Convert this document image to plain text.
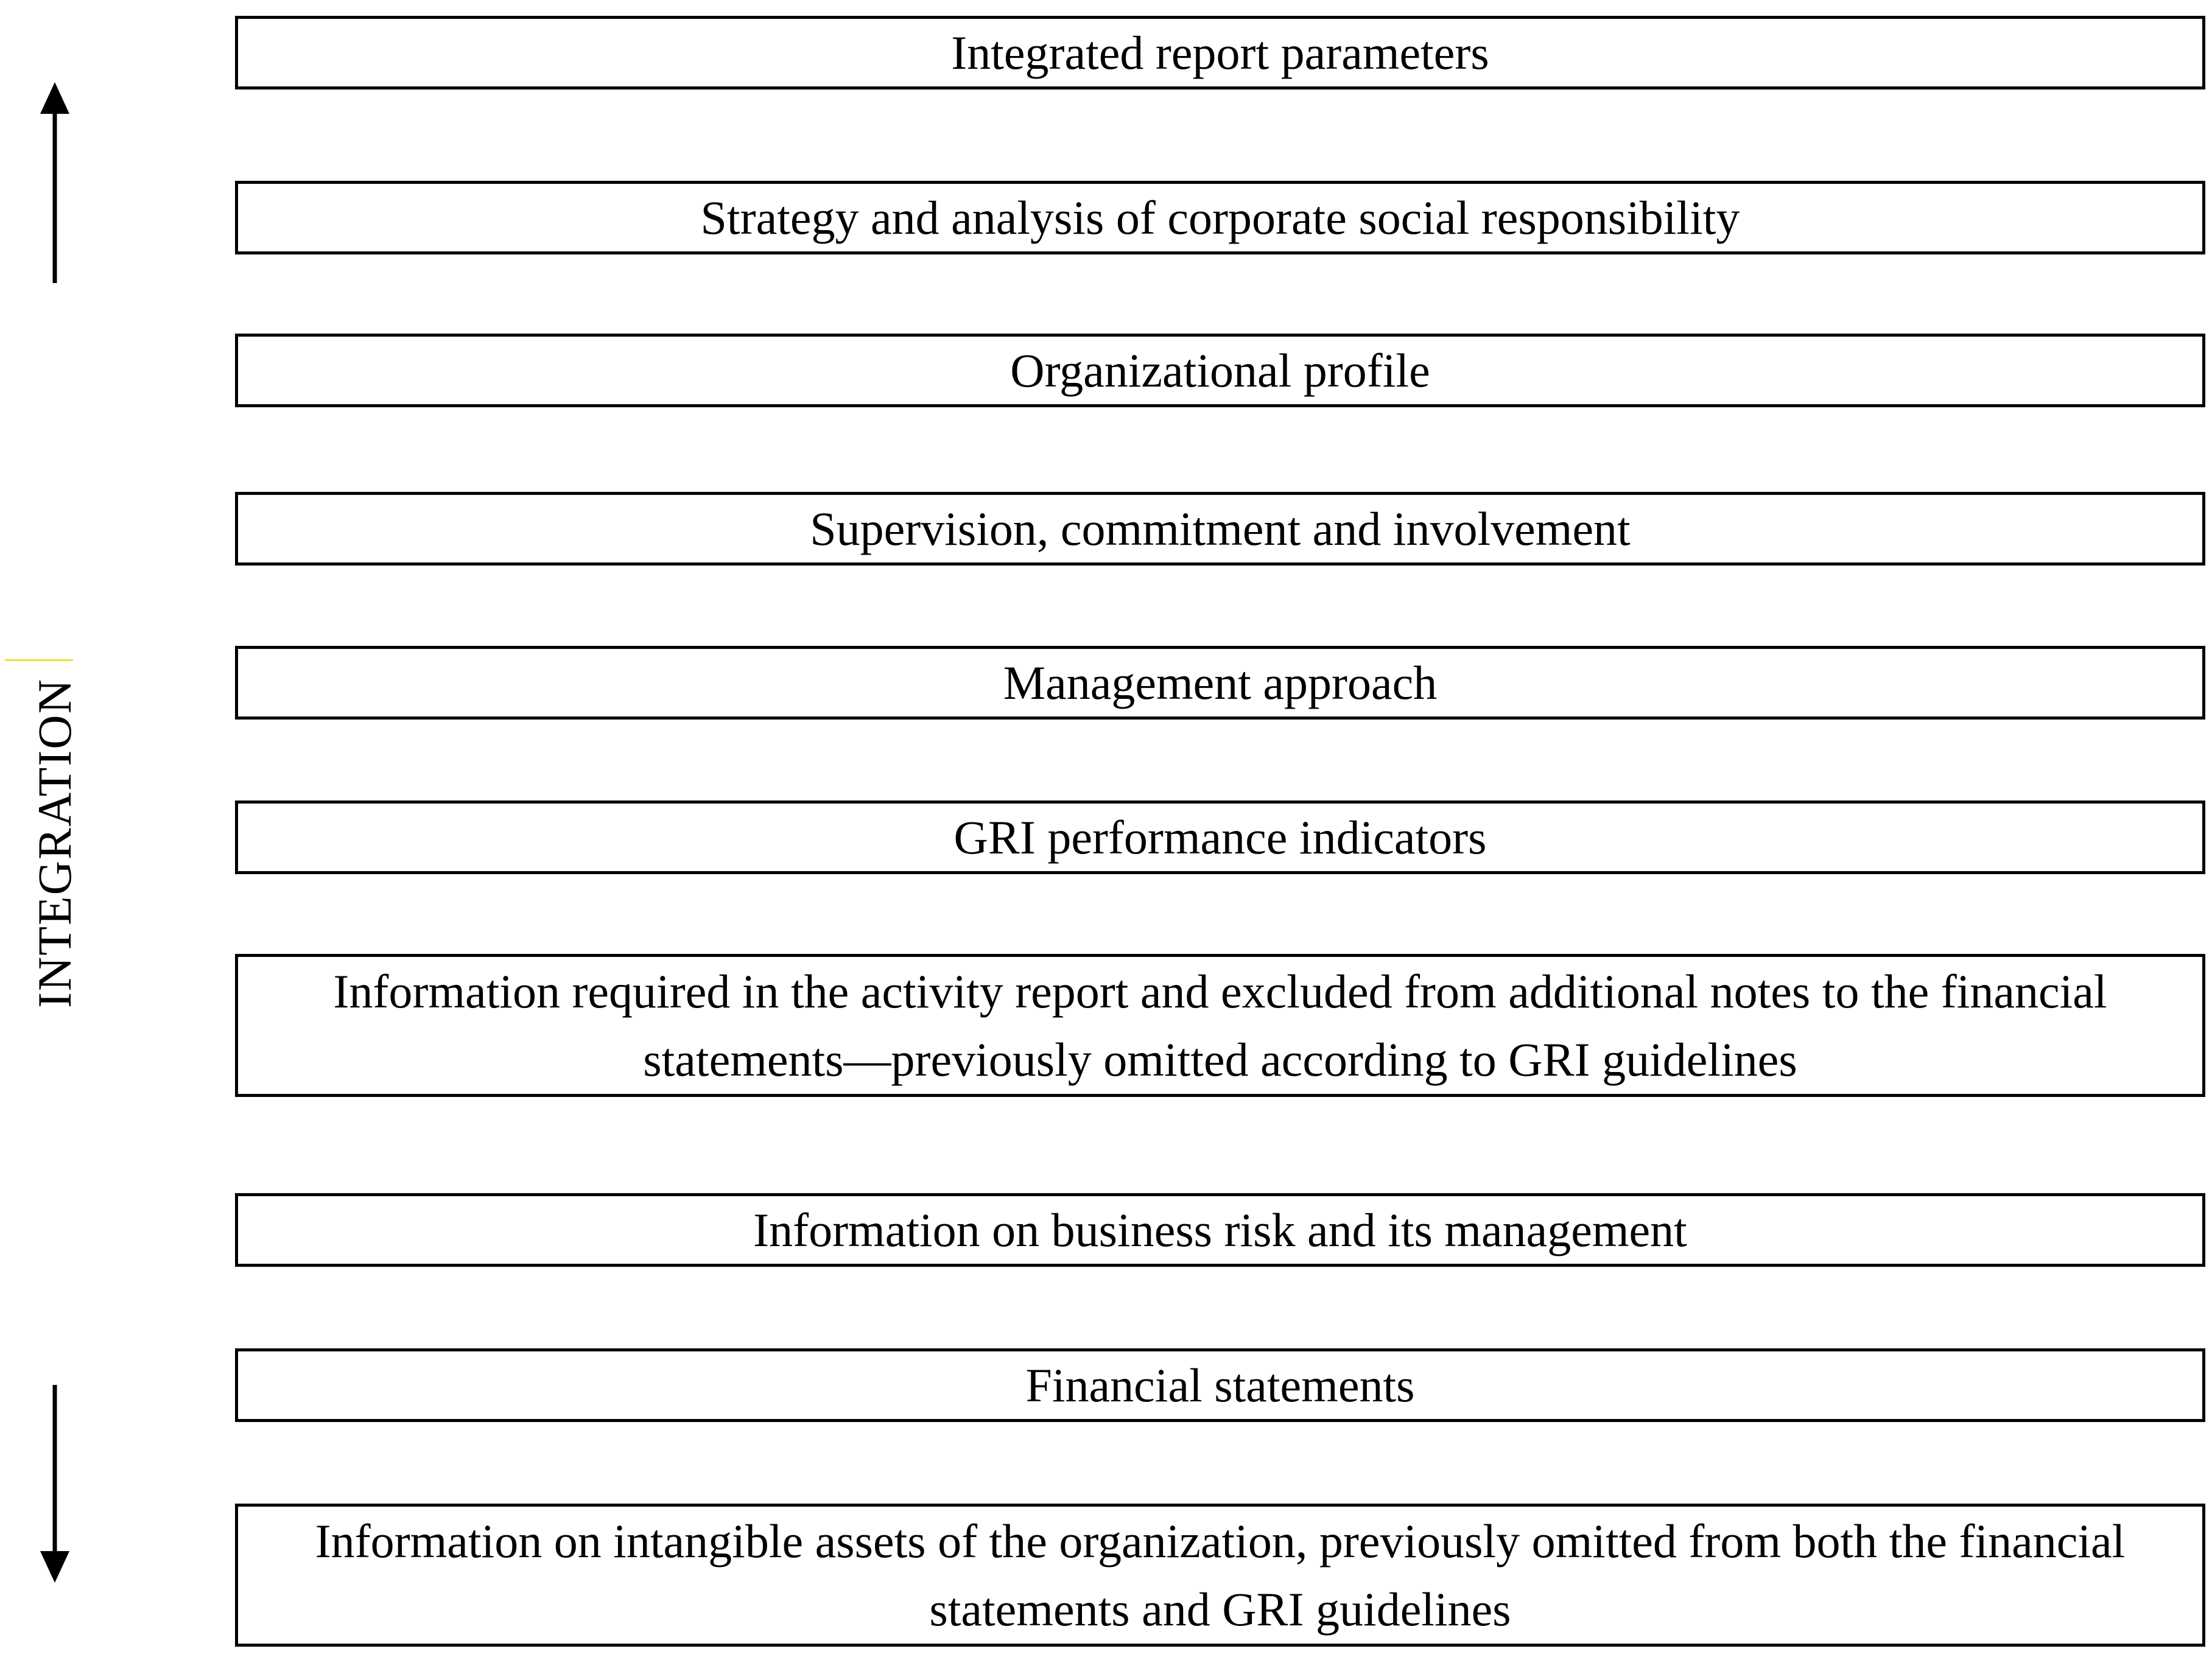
INTEGRATION
Integrated report parameters
Strategy and analysis of corporate social responsibility
Organizational profile
Supervision, commitment and involvement
Management approach
GRI performance indicators
Information required in the activity report and excluded from additional notes to the financial statements—previously omitted according to GRI guidelines
Information on business risk and its management
Financial statements
Information on intangible assets of the organization, previously omitted from both the financial statements and GRI guidelines
